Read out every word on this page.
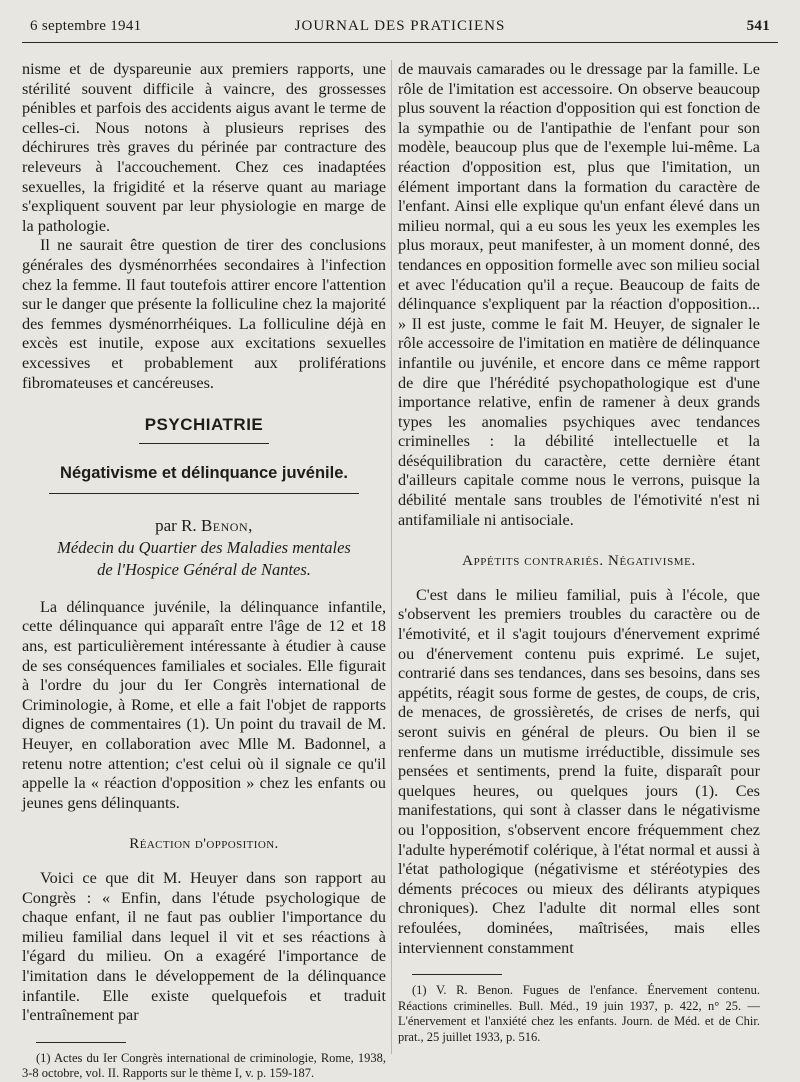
6 septembre 1941	JOURNAL DES PRATICIENS	541

nisme et de dyspareunie aux premiers rapports, une stérilité souvent difficile à vaincre, des grossesses pénibles et parfois des accidents aigus avant le terme de celles-ci. Nous notons à plusieurs reprises des déchirures très graves du périnée par contracture des releveurs à l'accouchement. Chez ces inadaptées sexuelles, la frigidité et la réserve quant au mariage s'expliquent souvent par leur physiologie en marge de la pathologie.

Il ne saurait être question de tirer des conclusions générales des dysménorrhées secondaires à l'infection chez la femme. Il faut toutefois attirer encore l'attention sur le danger que présente la folliculine chez la majorité des femmes dysménorrhéiques. La folliculine déjà en excès est inutile, expose aux excitations sexuelles excessives et probablement aux proliférations fibromateuses et cancéreuses.

PSYCHIATRIE
Négativisme et délinquance juvénile.
par R. Benon,
Médecin du Quartier des Maladies mentales
de l'Hospice Général de Nantes.

La délinquance juvénile, la délinquance infantile, cette délinquance qui apparaît entre l'âge de 12 et 18 ans, est particulièrement intéressante à étudier à cause de ses conséquences familiales et sociales. Elle figurait à l'ordre du jour du Ier Congrès international de Criminologie, à Rome, et elle a fait l'objet de rapports dignes de commentaires (1). Un point du travail de M. Heuyer, en collaboration avec Mlle M. Badonnel, a retenu notre attention; c'est celui où il signale ce qu'il appelle la « réaction d'opposition » chez les enfants ou jeunes gens délinquants.

Réaction d'opposition.

Voici ce que dit M. Heuyer dans son rapport au Congrès : « Enfin, dans l'étude psychologique de chaque enfant, il ne faut pas oublier l'importance du milieu familial dans lequel il vit et ses réactions à l'égard du milieu. On a exagéré l'importance de l'imitation dans le développement de la délinquance infantile. Elle existe quelquefois et traduit l'entraînement par

(1) Actes du Ier Congrès international de criminologie, Rome, 1938, 3-8 octobre, vol. II. Rapports sur le thème I, v. p. 159-187.

de mauvais camarades ou le dressage par la famille. Le rôle de l'imitation est accessoire. On observe beaucoup plus souvent la réaction d'opposition qui est fonction de la sympathie ou de l'antipathie de l'enfant pour son modèle, beaucoup plus que de l'exemple lui-même. La réaction d'opposition est, plus que l'imitation, un élément important dans la formation du caractère de l'enfant. Ainsi elle explique qu'un enfant élevé dans un milieu normal, qui a eu sous les yeux les exemples les plus moraux, peut manifester, à un moment donné, des tendances en opposition formelle avec son milieu social et avec l'éducation qu'il a reçue. Beaucoup de faits de délinquance s'expliquent par la réaction d'opposition... » Il est juste, comme le fait M. Heuyer, de signaler le rôle accessoire de l'imitation en matière de délinquance infantile ou juvénile, et encore dans ce même rapport de dire que l'hérédité psychopathologique est d'une importance relative, enfin de ramener à deux grands types les anomalies psychiques avec tendances criminelles : la débilité intellectuelle et la déséquilibration du caractère, cette dernière étant d'ailleurs capitale comme nous le verrons, puisque la débilité mentale sans troubles de l'émotivité n'est ni antifamiliale ni antisociale.

Appétits contrariés. Négativisme.

C'est dans le milieu familial, puis à l'école, que s'observent les premiers troubles du caractère ou de l'émotivité, et il s'agit toujours d'énervement exprimé ou d'énervement contenu puis exprimé. Le sujet, contrarié dans ses tendances, dans ses besoins, dans ses appétits, réagit sous forme de gestes, de coups, de cris, de menaces, de grossièretés, de crises de nerfs, qui seront suivis en général de pleurs. Ou bien il se renferme dans un mutisme irréductible, dissimule ses pensées et sentiments, prend la fuite, disparaît pour quelques heures, ou quelques jours (1). Ces manifestations, qui sont à classer dans le négativisme ou l'opposition, s'observent encore fréquemment chez l'adulte hyperémotif colérique, à l'état normal et aussi à l'état pathologique (négativisme et stéréotypies des déments précoces ou mieux des délirants atypiques chroniques). Chez l'adulte dit normal elles sont refoulées, dominées, maîtrisées, mais elles interviennent constamment

(1) V. R. Benon. Fugues de l'enfance. Énervement contenu. Réactions criminelles. Bull. Méd., 19 juin 1937, p. 422, n° 25. — L'énervement et l'anxiété chez les enfants. Journ. de Méd. et de Chir. prat., 25 juillet 1933, p. 516.
